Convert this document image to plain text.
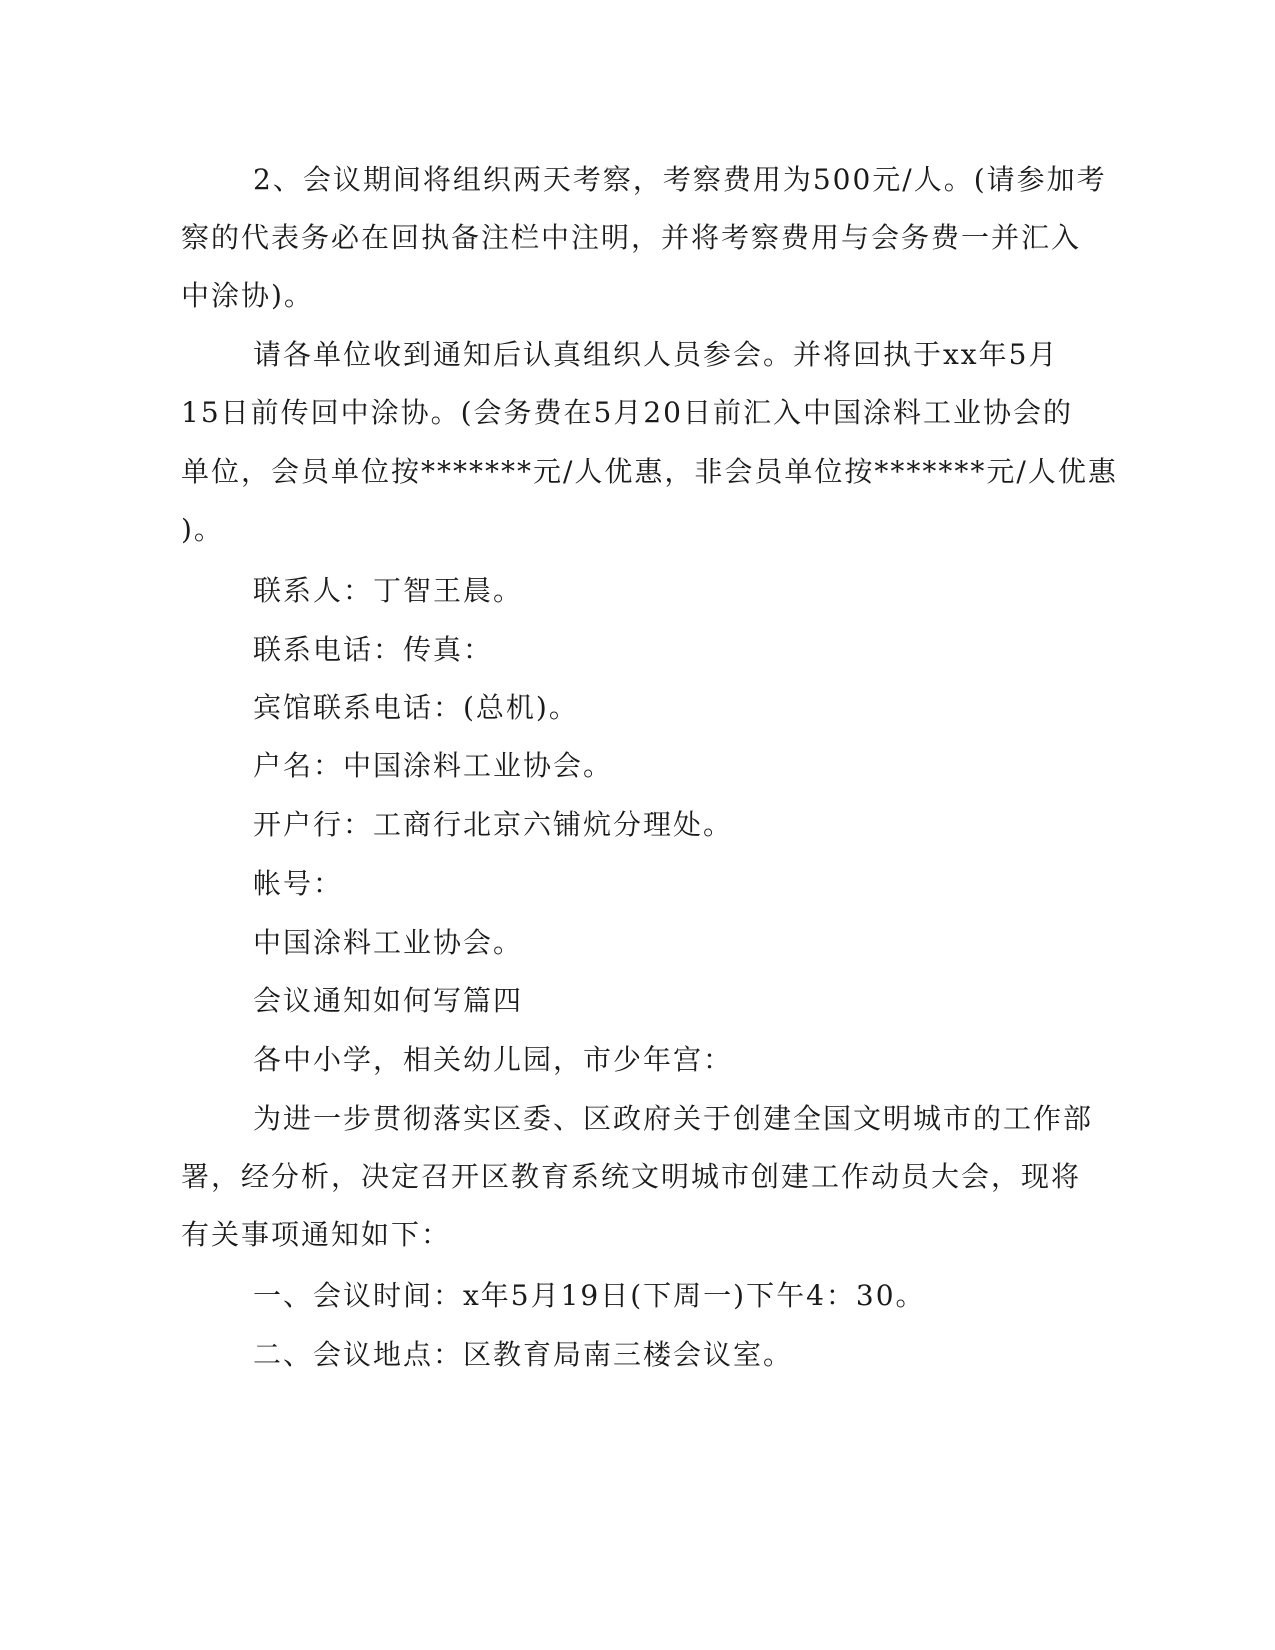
2、会议期间将组织两天考察，考察费用为500元/人。(请参加考
察的代表务必在回执备注栏中注明，并将考察费用与会务费一并汇入
中涂协)。
请各单位收到通知后认真组织人员参会。并将回执于xx年5月
15日前传回中涂协。(会务费在5月20日前汇入中国涂料工业协会的
单位，会员单位按*******元/人优惠，非会员单位按*******元/人优惠
)。
联系人：丁智王晨。
联系电话：传真：
宾馆联系电话：(总机)。
户名：中国涂料工业协会。
开户行：工商行北京六铺炕分理处。
帐号：
中国涂料工业协会。
会议通知如何写篇四
各中小学，相关幼儿园，市少年宫：
为进一步贯彻落实区委、区政府关于创建全国文明城市的工作部
署，经分析，决定召开区教育系统文明城市创建工作动员大会，现将
有关事项通知如下：
一、会议时间：x年5月19日(下周一)下午4：30。
二、会议地点：区教育局南三楼会议室。
